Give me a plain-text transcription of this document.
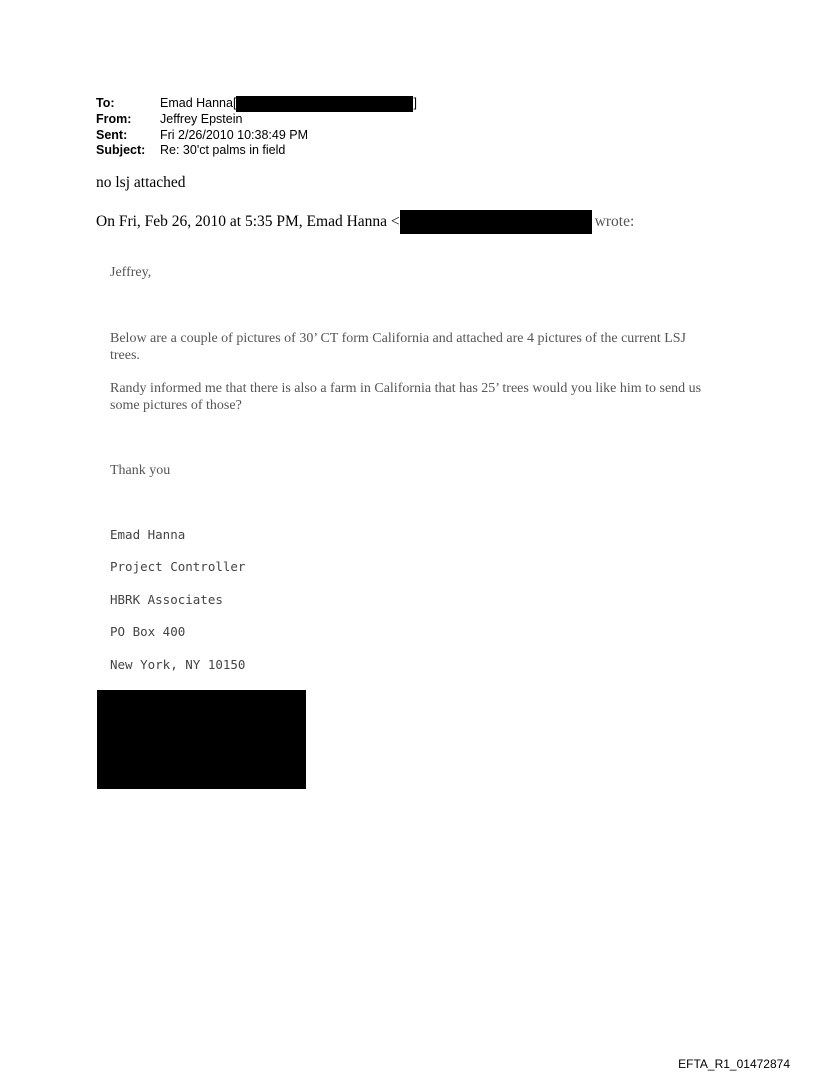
To:	Emad Hanna[	]
From:	Jeffrey Epstein
Sent:	Fri 2/26/2010 10:38:49 PM
Subject:	Re: 30'ct palms in field
no lsj attached
On Fri, Feb 26, 2010 at 5:35 PM, Emad Hanna <	wrote:
Jeffrey,
Below are a couple of pictures of 30’ CT form California and attached are 4 pictures of the current LSJ trees.
Randy informed me that there is also a farm in California that has 25’ trees would you like him to send us some pictures of those?
Thank you
Emad Hanna
Project Controller
HBRK Associates
PO Box 400
New York, NY 10150
EFTA_R1_01472874
